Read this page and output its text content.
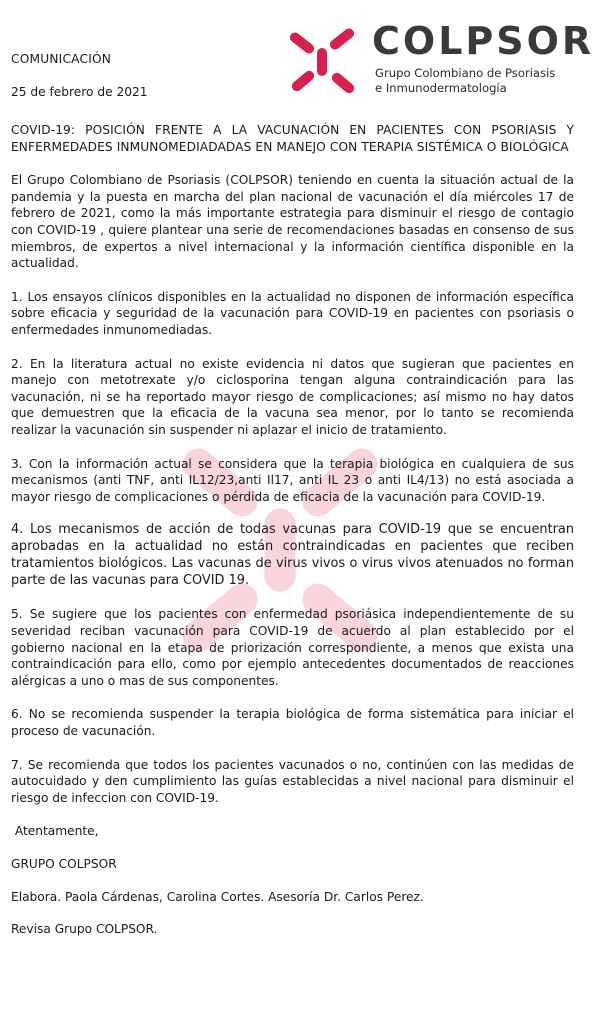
COMUNICACIÓN
25 de febrero de 2021
COLPSOR
Grupo Colombiano de Psoriasis
e Inmunodermatología

COVID-19: POSICIÓN FRENTE A LA VACUNACIÓN EN PACIENTES CON PSORIASIS Y ENFERMEDADES INMUNOMEDIADADAS EN MANEJO CON TERAPIA SISTÉMICA O BIOLÓGICA

El Grupo Colombiano de Psoriasis (COLPSOR) teniendo en cuenta la situación actual de la pandemia y la puesta en marcha del plan nacional de vacunación el día miércoles 17 de febrero de 2021, como la más importante estrategia para disminuir el riesgo de contagio con COVID-19 , quiere plantear una serie de recomendaciones basadas en consenso de sus miembros, de expertos a nivel internacional y la información científica disponible en la actualidad.

1. Los ensayos clínicos disponibles en la actualidad no disponen de información específica sobre eficacia y seguridad de la vacunación para COVID-19 en pacientes con psoriasis o enfermedades inmunomediadas.

2. En la literatura actual no existe evidencia ni datos que sugieran que pacientes en manejo con metotrexate y/o ciclosporina tengan alguna contraindicación para las vacunación, ni se ha reportado mayor riesgo de complicaciones; así mismo no hay datos que demuestren que la eficacia de la vacuna sea menor, por lo tanto se recomienda realizar la vacunación sin suspender ni aplazar el inicio de tratamiento.

3. Con la información actual se considera que la terapia biológica en cualquiera de sus mecanismos (anti TNF, anti IL12/23,anti Il17, anti IL 23 o anti IL4/13) no está asociada a mayor riesgo de complicaciones o pérdida de eficacia de la vacunación para COVID-19.

4. Los mecanismos de acción de todas vacunas para COVID-19 que se encuentran aprobadas en la actualidad no están contraindicadas en pacientes que reciben tratamientos biológicos. Las vacunas de virus vivos o virus vivos atenuados no forman parte de las vacunas para COVID 19.

5. Se sugiere que los pacientes con enfermedad psoriásica independientemente de su severidad reciban vacunación para COVID-19 de acuerdo al plan establecido por el gobierno nacional en la etapa de priorización correspondiente, a menos que exista una contraindicación para ello, como por ejemplo antecedentes documentados de reacciones alérgicas a uno o mas de sus componentes.

6. No se recomienda suspender la terapia biológica de forma sistemática para iniciar el proceso de vacunación.

7. Se recomienda que todos los pacientes vacunados o no, continúen con las medidas de autocuidado y den cumplimiento las guías establecidas a nivel nacional para disminuir el riesgo de infeccion con COVID-19.

Atentamente,

GRUPO COLPSOR

Elabora. Paola Cárdenas, Carolina Cortes. Asesoría Dr. Carlos Perez.

Revisa Grupo COLPSOR.
